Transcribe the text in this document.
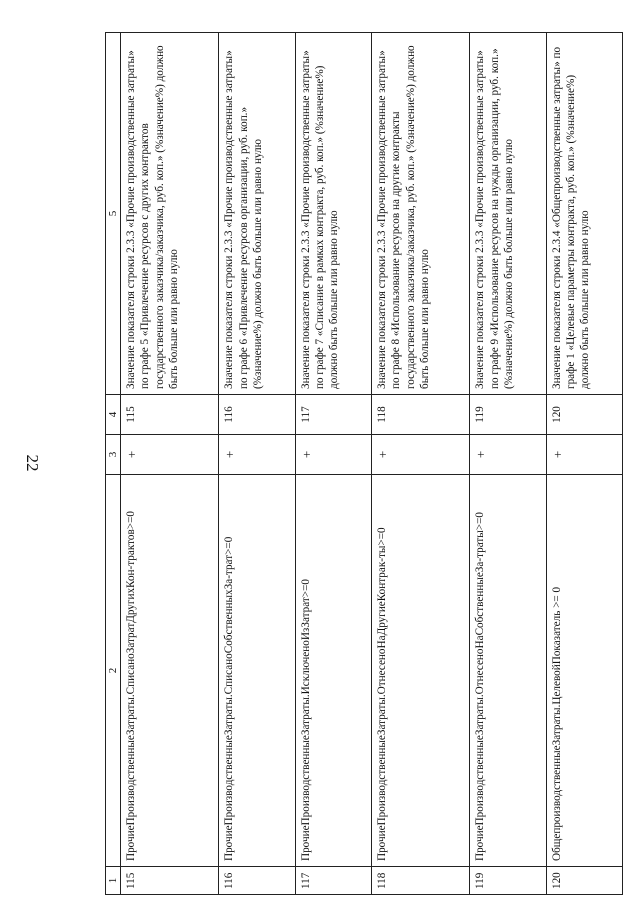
22
1	2	3	4	5
115	ПрочиеПроизводственныеЗатраты.СписаноЗатратДругихКон-трактов>=0	+	115	Значение показателя строки 2.3.3 «Прочие производственные затраты» по графе 5 «Привлечение ресурсов с других контрактов государственного заказчика/заказчика, руб. коп.» (%значение%) должно быть больше или равно нулю
116	ПрочиеПроизводственныеЗатраты.СписаноСобственныхЗа-трат>=0	+	116	Значение показателя строки 2.3.3 «Прочие производственные затраты» по графе 6 «Привлечение ресурсов организации, руб. коп.» (%значение%) должно быть больше или равно нулю
117	ПрочиеПроизводственныеЗатраты.ИсключеноИзЗатрат>=0	+	117	Значение показателя строки 2.3.3 «Прочие производственные затраты» по графе 7 «Списание в рамках контракта, руб. коп.» (%значение%) должно быть больше или равно нулю
118	ПрочиеПроизводственныеЗатраты.ОтнесеноНаДругиеКонтрак-ты>=0	+	118	Значение показателя строки 2.3.3 «Прочие производственные затраты» по графе 8 «Использование ресурсов на другие контракты государственного заказчика/заказчика, руб. коп.» (%значение%) должно быть больше или равно нулю
119	ПрочиеПроизводственныеЗатраты.ОтнесеноНаСобственныеЗа-траты>=0	+	119	Значение показателя строки 2.3.3 «Прочие производственные затраты» по графе 9 «Использование ресурсов на нужды организации, руб. коп.» (%значение%) должно быть больше или равно нулю
120	ОбщепроизводственныеЗатраты.ЦелевойПоказатель >= 0	+	120	Значение показателя строки 2.3.4 «Общепроизводственные затраты» по графе 1 «Целевые параметры контракта, руб. коп.» (%значение%) должно быть больше или равно нулю
